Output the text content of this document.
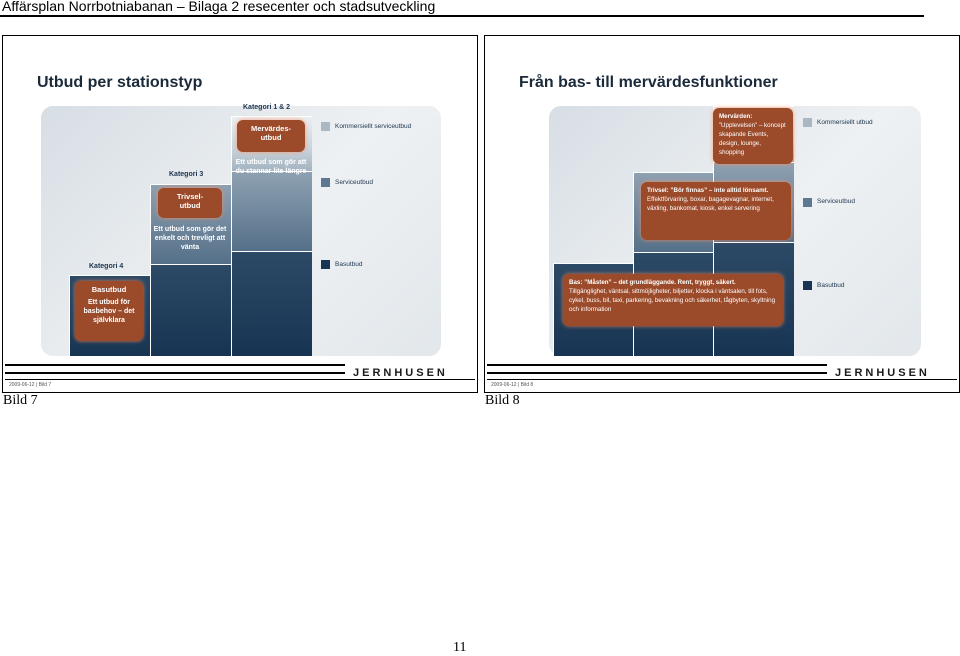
Affärsplan Norrbotniabanan – Bilaga 2 resecenter och stadsutveckling
Utbud per stationstyp
Kategori 4
Kategori 3
Kategori 1 & 2
Basutbud
Ett utbud för basbehov – det självklara
Trivsel-utbud
Ett utbud som gör det enkelt och trevligt att vänta
Mervärdes-utbud
Ett utbud som gör att du stannar lite längre
Kommersiellt serviceutbud
Serviceutbud
Basutbud
JERNHUSEN
2009-06-12 | Bild 7
Från bas- till mervärdesfunktioner
Mervärden:
”Upplevelsen” – koncept skapande Events, design, lounge, shopping
Trivsel: ”Bör finnas” – inte alltid lönsamt.
Effektförvaring, boxar, bagagevagnar, internet, växling, bankomat, kiosk, enkel servering
Bas: ”Måsten” – det grundläggande. Rent, tryggt, säkert.
Tillgänglighet, väntsal, sittmöjligheter, biljetter, klocka i väntsalen, till fots, cykel, buss, bil, taxi, parkering, bevakning och säkerhet, tågbyten, skyltning och information
Kommersiellt utbud
Serviceutbud
Basutbud
JERNHUSEN
2009-06-12 | Bild 8
Bild 7	Bild 8
11
